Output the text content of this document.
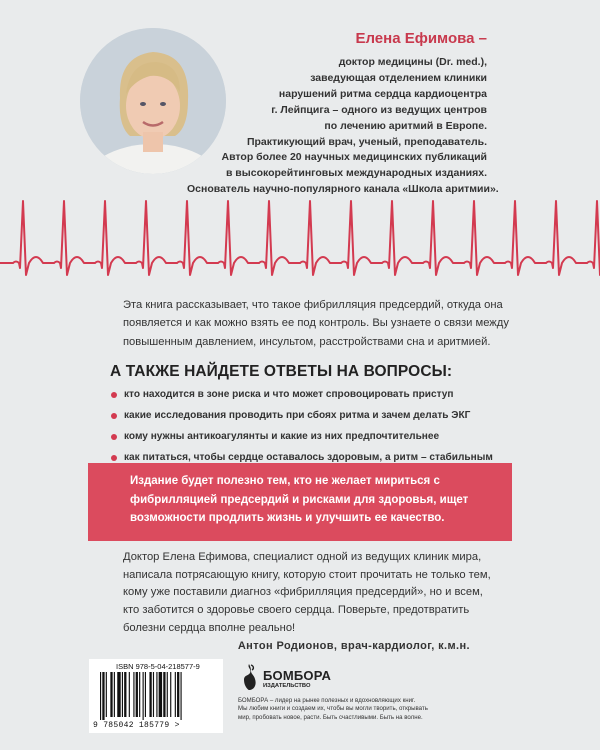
Елена Ефимова –
доктор медицины (Dr. med.),
заведующая отделением клиники
нарушений ритма сердца кардиоцентра
г. Лейпцига – одного из ведущих центров
по лечению аритмий в Европе.
Практикующий врач, ученый, преподаватель.
Автор более 20 научных медицинских публикаций
в высокорейтинговых международных изданиях.
Основатель научно-популярного канала «Школа аритмии».
Эта книга рассказывает, что такое фибрилляция предсердий, откуда она
появляется и как можно взять ее под контроль. Вы узнаете о связи между
повышенным давлением, инсультом, расстройствами сна и аритмией.
А ТАКЖЕ НАЙДЕТЕ ОТВЕТЫ НА ВОПРОСЫ:
кто находится в зоне риска и что может спровоцировать приступ
какие исследования проводить при сбоях ритма и зачем делать ЭКГ
кому нужны антикоагулянты и какие из них предпочтительнее
как питаться, чтобы сердце оставалось здоровым, а ритм – стабильным
Издание будет полезно тем, кто не желает мириться с
фибрилляцией предсердий и рисками для здоровья, ищет
возможности продлить жизнь и улучшить ее качество.
Доктор Елена Ефимова, специалист одной из ведущих клиник мира,
написала потрясающую книгу, которую стоит прочитать не только тем,
кому уже поставили диагноз «фибрилляция предсердий», но и всем,
кто заботится о здоровье своего сердца. Поверьте, предотвратить
болезни сердца вполне реально!
Антон Родионов, врач-кардиолог, к.м.н.
ISBN 978-5-04-218577-9
9 785042 185779 >
БОМБОРА
ИЗДАТЕЛЬСТВО
БОМБОРА – лидер на рынке полезных и вдохновляющих книг.
Мы любим книги и создаем их, чтобы вы могли творить, открывать
мир, пробовать новое, расти. Быть счастливыми. Быть на волне.
